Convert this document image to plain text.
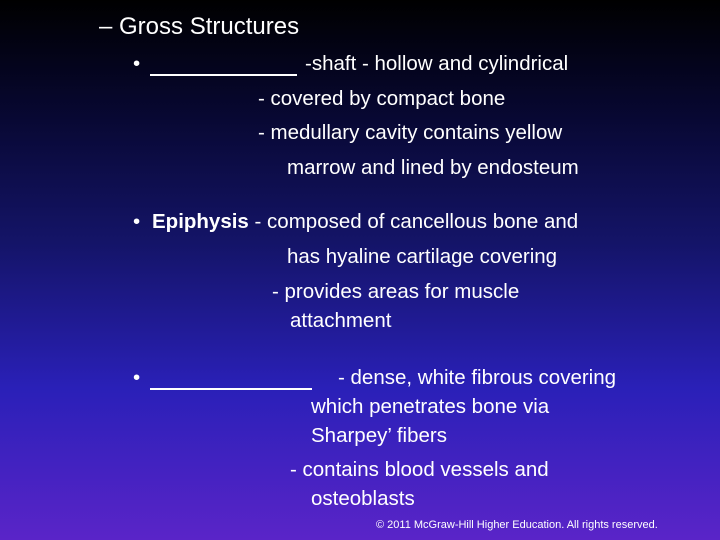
– Gross Structures
•	-shaft - hollow and cylindrical
- covered by compact bone
- medullary cavity contains yellow
marrow and lined by endosteum
• Epiphysis - composed of cancellous bone and
has hyaline cartilage covering
- provides areas for muscle
attachment
•	- dense, white fibrous covering
which penetrates bone via
Sharpey’ fibers
- contains blood vessels and
osteoblasts
© 2011 McGraw-Hill Higher Education. All rights reserved.
